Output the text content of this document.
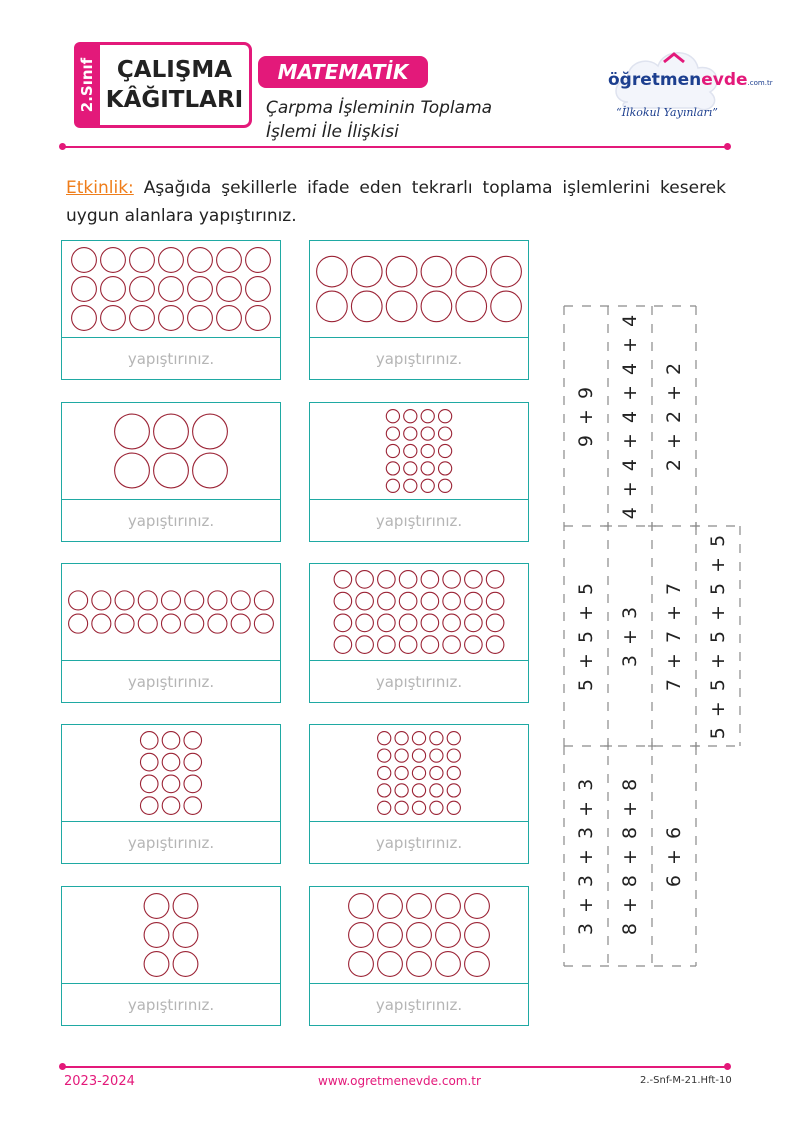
2.Sınıf ÇALIŞMA
KÂĞITLARI
MATEMATİK
Çarpma İşleminin Toplama
İşlemi İle İlişkisi
öğretmenevde.com.tr
“İlkokul Yayınları”
Etkinlik: Aşağıda şekillerle ifade eden tekrarlı toplama işlemlerini keserek uygun alanlara yapıştırınız.
yapıştırınız.	yapıştırınız.
yapıştırınız.	yapıştırınız.
yapıştırınız.	yapıştırınız.
yapıştırınız.	yapıştırınız.
yapıştırınız.	yapıştırınız.
9 + 9 4 + 4 + 4 + 4 + 4 2 + 2 + 2
5 + 5 + 5 3 + 3 7 + 7 + 7 5 + 5 + 5 + 5 + 5
3 + 3 + 3 + 3 8 + 8 + 8 + 8 6 + 6
2023-2024	www.ogretmenevde.com.tr	2.-Snf-M-21.Hft-10
